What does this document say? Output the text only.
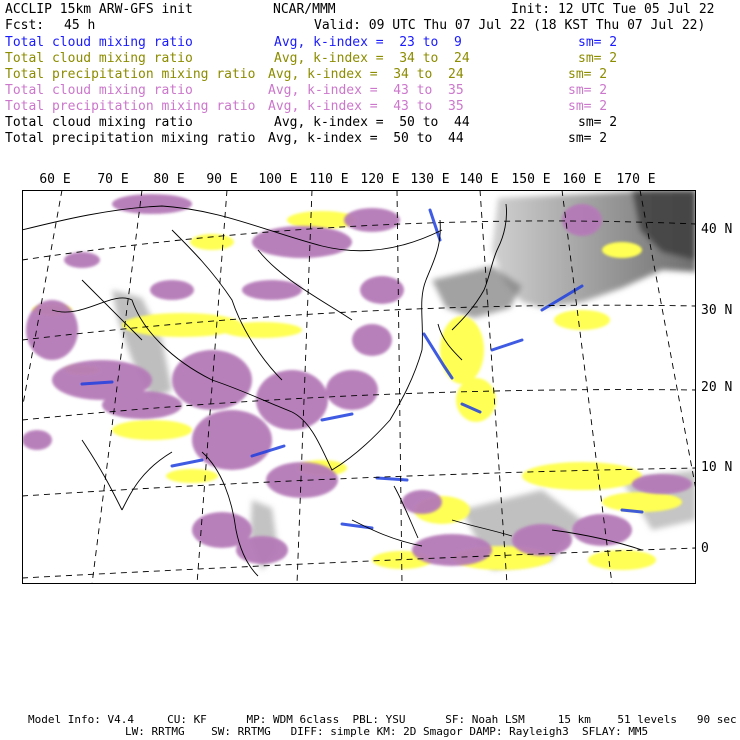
ACCLIP 15km ARW-GFS init	NCAR/MMM	Init: 12 UTC Tue 05 Jul 22
Fcst: 45 h	Valid: 09 UTC Thu 07 Jul 22 (18 KST Thu 07 Jul 22)
Total cloud mixing ratio	Avg, k-index =  23 to  9	sm= 2
Total cloud mixing ratio	Avg, k-index =  34 to  24	sm= 2
Total precipitation mixing ratio Avg, k-index =  34 to  24	sm= 2
Total cloud mixing ratio	Avg, k-index =  43 to  35	sm= 2
Total precipitation mixing ratio Avg, k-index =  43 to  35	sm= 2
Total cloud mixing ratio	Avg, k-index =  50 to  44	sm= 2
Total precipitation mixing ratio Avg, k-index =  50 to  44	sm= 2
60 E 70 E 80 E 90 E 100 E 110 E 120 E 130 E 140 E 150 E 160 E 170 E
40 N
30 N
20 N
10 N
0
Model Info: V4.4     CU: KF      MP: WDM 6class  PBL: YSU      SF: Noah LSM     15 km    51 levels   90 sec
LW: RRTMG    SW: RRTMG   DIFF: simple KM: 2D Smagor DAMP: Rayleigh3  SFLAY: MM5
